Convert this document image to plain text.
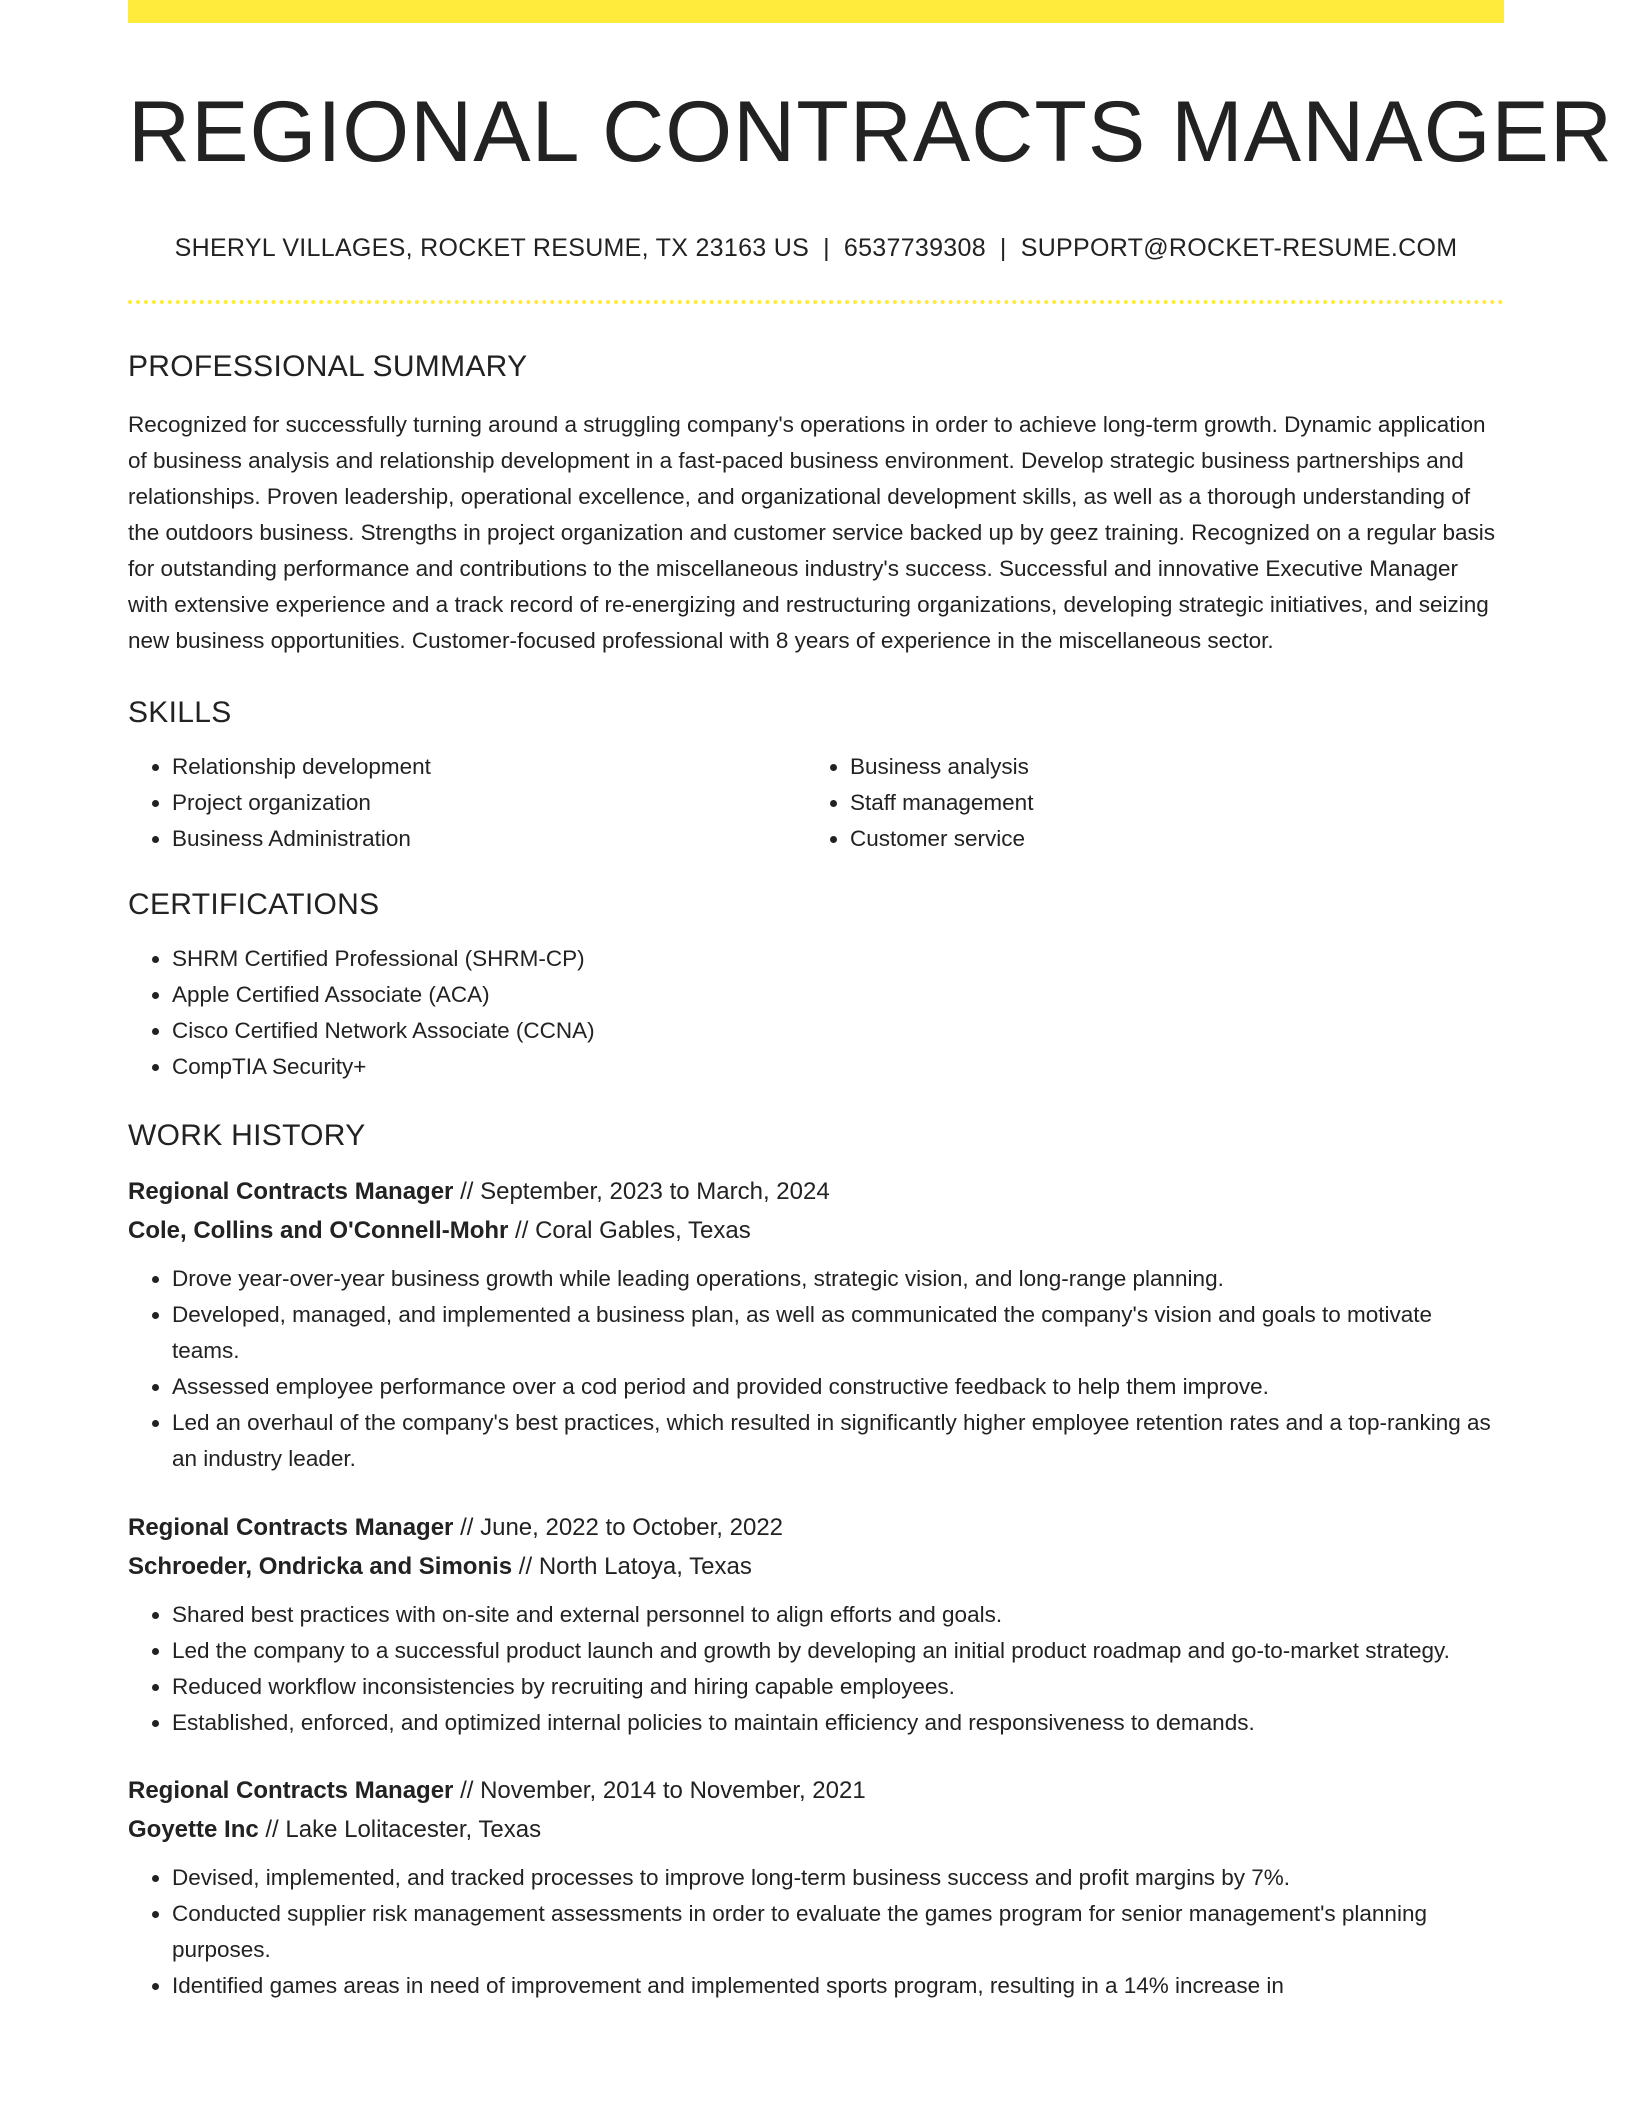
REGIONAL CONTRACTS MANAGER
SHERYL VILLAGES, ROCKET RESUME, TX 23163 US | 6537739308 | SUPPORT@ROCKET-RESUME.COM
PROFESSIONAL SUMMARY
Recognized for successfully turning around a struggling company's operations in order to achieve long-term growth. Dynamic application of business analysis and relationship development in a fast-paced business environment. Develop strategic business partnerships and relationships. Proven leadership, operational excellence, and organizational development skills, as well as a thorough understanding of the outdoors business. Strengths in project organization and customer service backed up by geez training. Recognized on a regular basis for outstanding performance and contributions to the miscellaneous industry's success. Successful and innovative Executive Manager with extensive experience and a track record of re-energizing and restructuring organizations, developing strategic initiatives, and seizing new business opportunities. Customer-focused professional with 8 years of experience in the miscellaneous sector.
SKILLS
• Relationship development
• Project organization
• Business Administration
• Business analysis
• Staff management
• Customer service
CERTIFICATIONS
• SHRM Certified Professional (SHRM-CP)
• Apple Certified Associate (ACA)
• Cisco Certified Network Associate (CCNA)
• CompTIA Security+
WORK HISTORY
Regional Contracts Manager // September, 2023 to March, 2024
Cole, Collins and O'Connell-Mohr // Coral Gables, Texas
• Drove year-over-year business growth while leading operations, strategic vision, and long-range planning.
• Developed, managed, and implemented a business plan, as well as communicated the company's vision and goals to motivate teams.
• Assessed employee performance over a cod period and provided constructive feedback to help them improve.
• Led an overhaul of the company's best practices, which resulted in significantly higher employee retention rates and a top-ranking as an industry leader.
Regional Contracts Manager // June, 2022 to October, 2022
Schroeder, Ondricka and Simonis // North Latoya, Texas
• Shared best practices with on-site and external personnel to align efforts and goals.
• Led the company to a successful product launch and growth by developing an initial product roadmap and go-to-market strategy.
• Reduced workflow inconsistencies by recruiting and hiring capable employees.
• Established, enforced, and optimized internal policies to maintain efficiency and responsiveness to demands.
Regional Contracts Manager // November, 2014 to November, 2021
Goyette Inc // Lake Lolitacester, Texas
• Devised, implemented, and tracked processes to improve long-term business success and profit margins by 7%.
• Conducted supplier risk management assessments in order to evaluate the games program for senior management's planning purposes.
• Identified games areas in need of improvement and implemented sports program, resulting in a 14% increase in
